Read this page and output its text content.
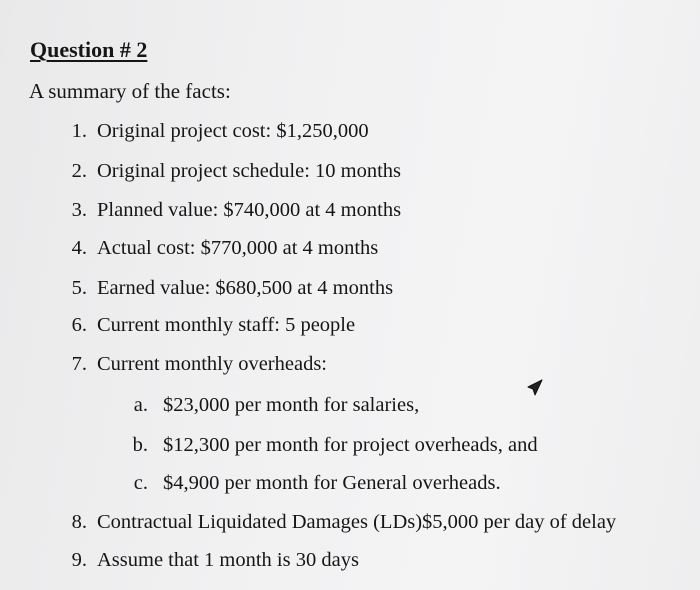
Question # 2
A summary of the facts:
1. Original project cost: $1,250,000
2. Original project schedule: 10 months
3. Planned value: $740,000 at 4 months
4. Actual cost: $770,000 at 4 months
5. Earned value: $680,500 at 4 months
6. Current monthly staff: 5 people
7. Current monthly overheads:
a. $23,000 per month for salaries,
b. $12,300 per month for project overheads, and
c. $4,900 per month for General overheads.
8. Contractual Liquidated Damages (LDs)$5,000 per day of delay
9. Assume that 1 month is 30 days
